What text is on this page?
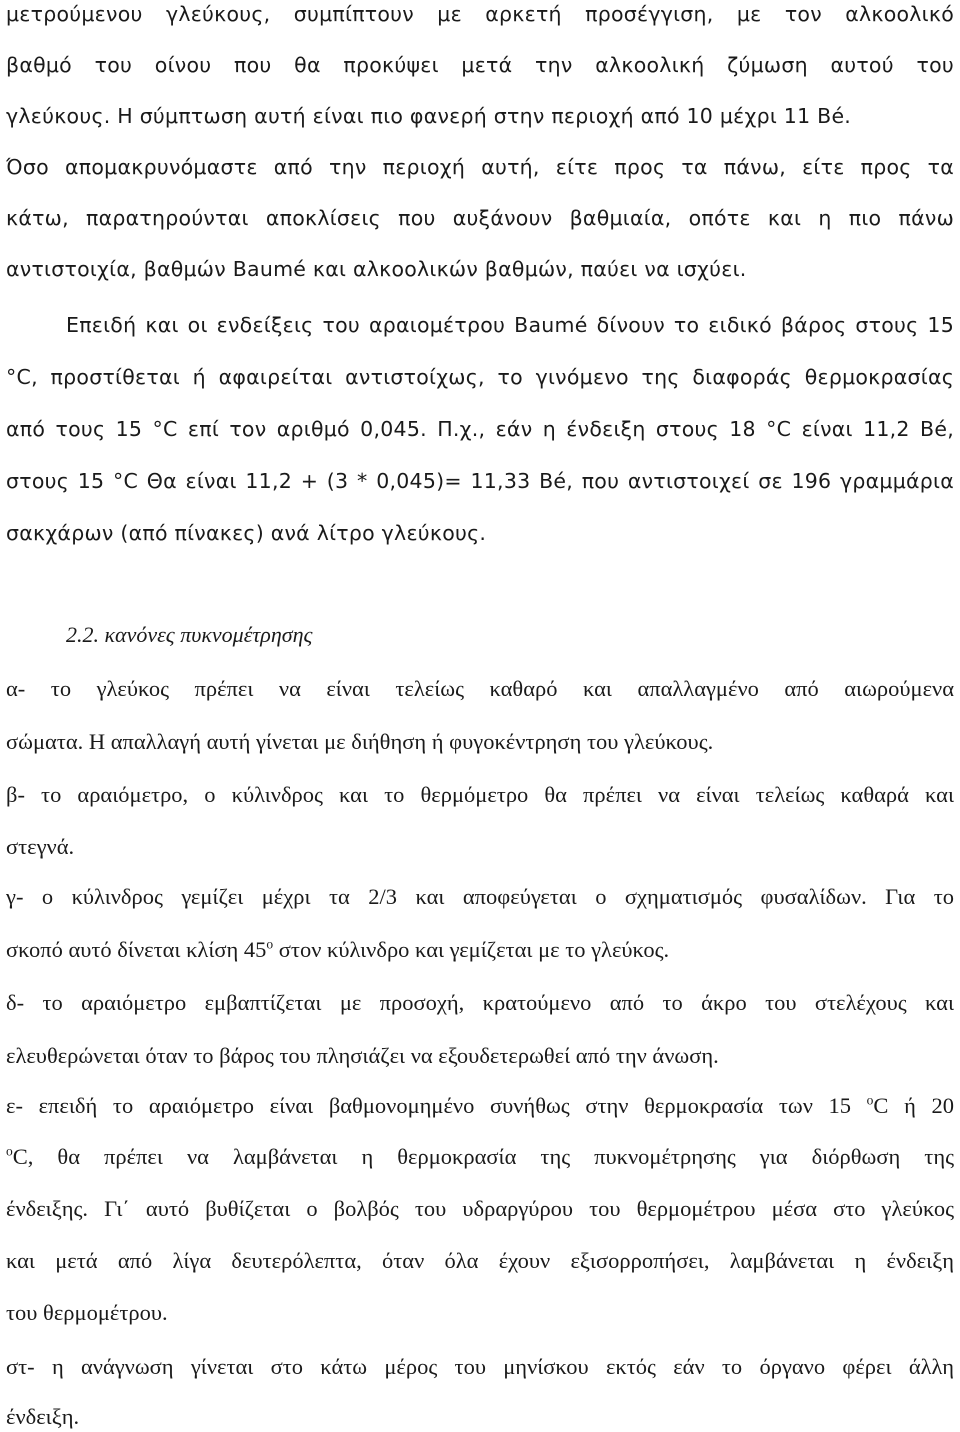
μετρούμενου γλεύκους, συμπίπτουν με αρκετή προσέγγιση, με τον αλκοολικό
βαθμό του οίνου που θα προκύψει μετά την αλκοολική ζύμωση αυτού του
γλεύκους. Η σύμπτωση αυτή είναι πιο φανερή στην περιοχή από 10 μέχρι 11 Βé.
Όσο απομακρυνόμαστε από την περιοχή αυτή, είτε προς τα πάνω, είτε προς τα
κάτω, παρατηρούνται αποκλίσεις που αυξάνουν βαθμιαία, οπότε και η πιο πάνω
αντιστοιχία, βαθμών Baumé και αλκοολικών βαθμών, παύει να ισχύει.
Επειδή και οι ενδείξεις του αραιομέτρου Baumé δίνουν το ειδικό βάρος στους 15
°C, προστίθεται ή αφαιρείται αντιστοίχως, το γινόμενο της διαφοράς θερμοκρασίας
από τους 15 °C επί τον αριθμό 0,045. Π.χ., εάν η ένδειξη στους 18 °C είναι 11,2 Βé,
στους 15 °C Θα είναι 11,2 + (3 * 0,045)= 11,33 Βé, που αντιστοιχεί σε 196 γραμμάρια
σακχάρων (από πίνακες) ανά λίτρο γλεύκους.
2.2. κανόνες πυκνομέτρησης
α- το γλεύκος πρέπει να είναι τελείως καθαρό και απαλλαγμένο από αιωρούμενα
σώματα. Η απαλλαγή αυτή γίνεται με διήθηση ή φυγοκέντρηση του γλεύκους.
β- το αραιόμετρο, ο κύλινδρος και το θερμόμετρο θα πρέπει να είναι τελείως καθαρά και
στεγνά.
γ- ο κύλινδρος γεμίζει μέχρι τα 2/3 και αποφεύγεται ο σχηματισμός φυσαλίδων. Για το
σκοπό αυτό δίνεται κλίση $45^o$ στον κύλινδρο και γεμίζεται με το γλεύκος.
δ- το αραιόμετρο εμβαπτίζεται με προσοχή, κρατούμενο από το άκρο του στελέχους και
ελευθερώνεται όταν το βάρος του πλησιάζει να εξουδετερωθεί από την άνωση.
ε- επειδή το αραιόμετρο είναι βαθμονομημένο συνήθως στην θερμοκρασία των 15 $^o$C ή 20
$^o$C, θα πρέπει να λαμβάνεται η θερμοκρασία της πυκνομέτρησης για διόρθωση της
ένδειξης. Γι΄ αυτό βυθίζεται ο βολβός του υδραργύρου του θερμομέτρου μέσα στο γλεύκος
και μετά από λίγα δευτερόλεπτα, όταν όλα έχουν εξισορροπήσει, λαμβάνεται η ένδειξη
του θερμομέτρου.
στ- η ανάγνωση γίνεται στο κάτω μέρος του μηνίσκου εκτός εάν το όργανο φέρει άλλη
ένδειξη.
